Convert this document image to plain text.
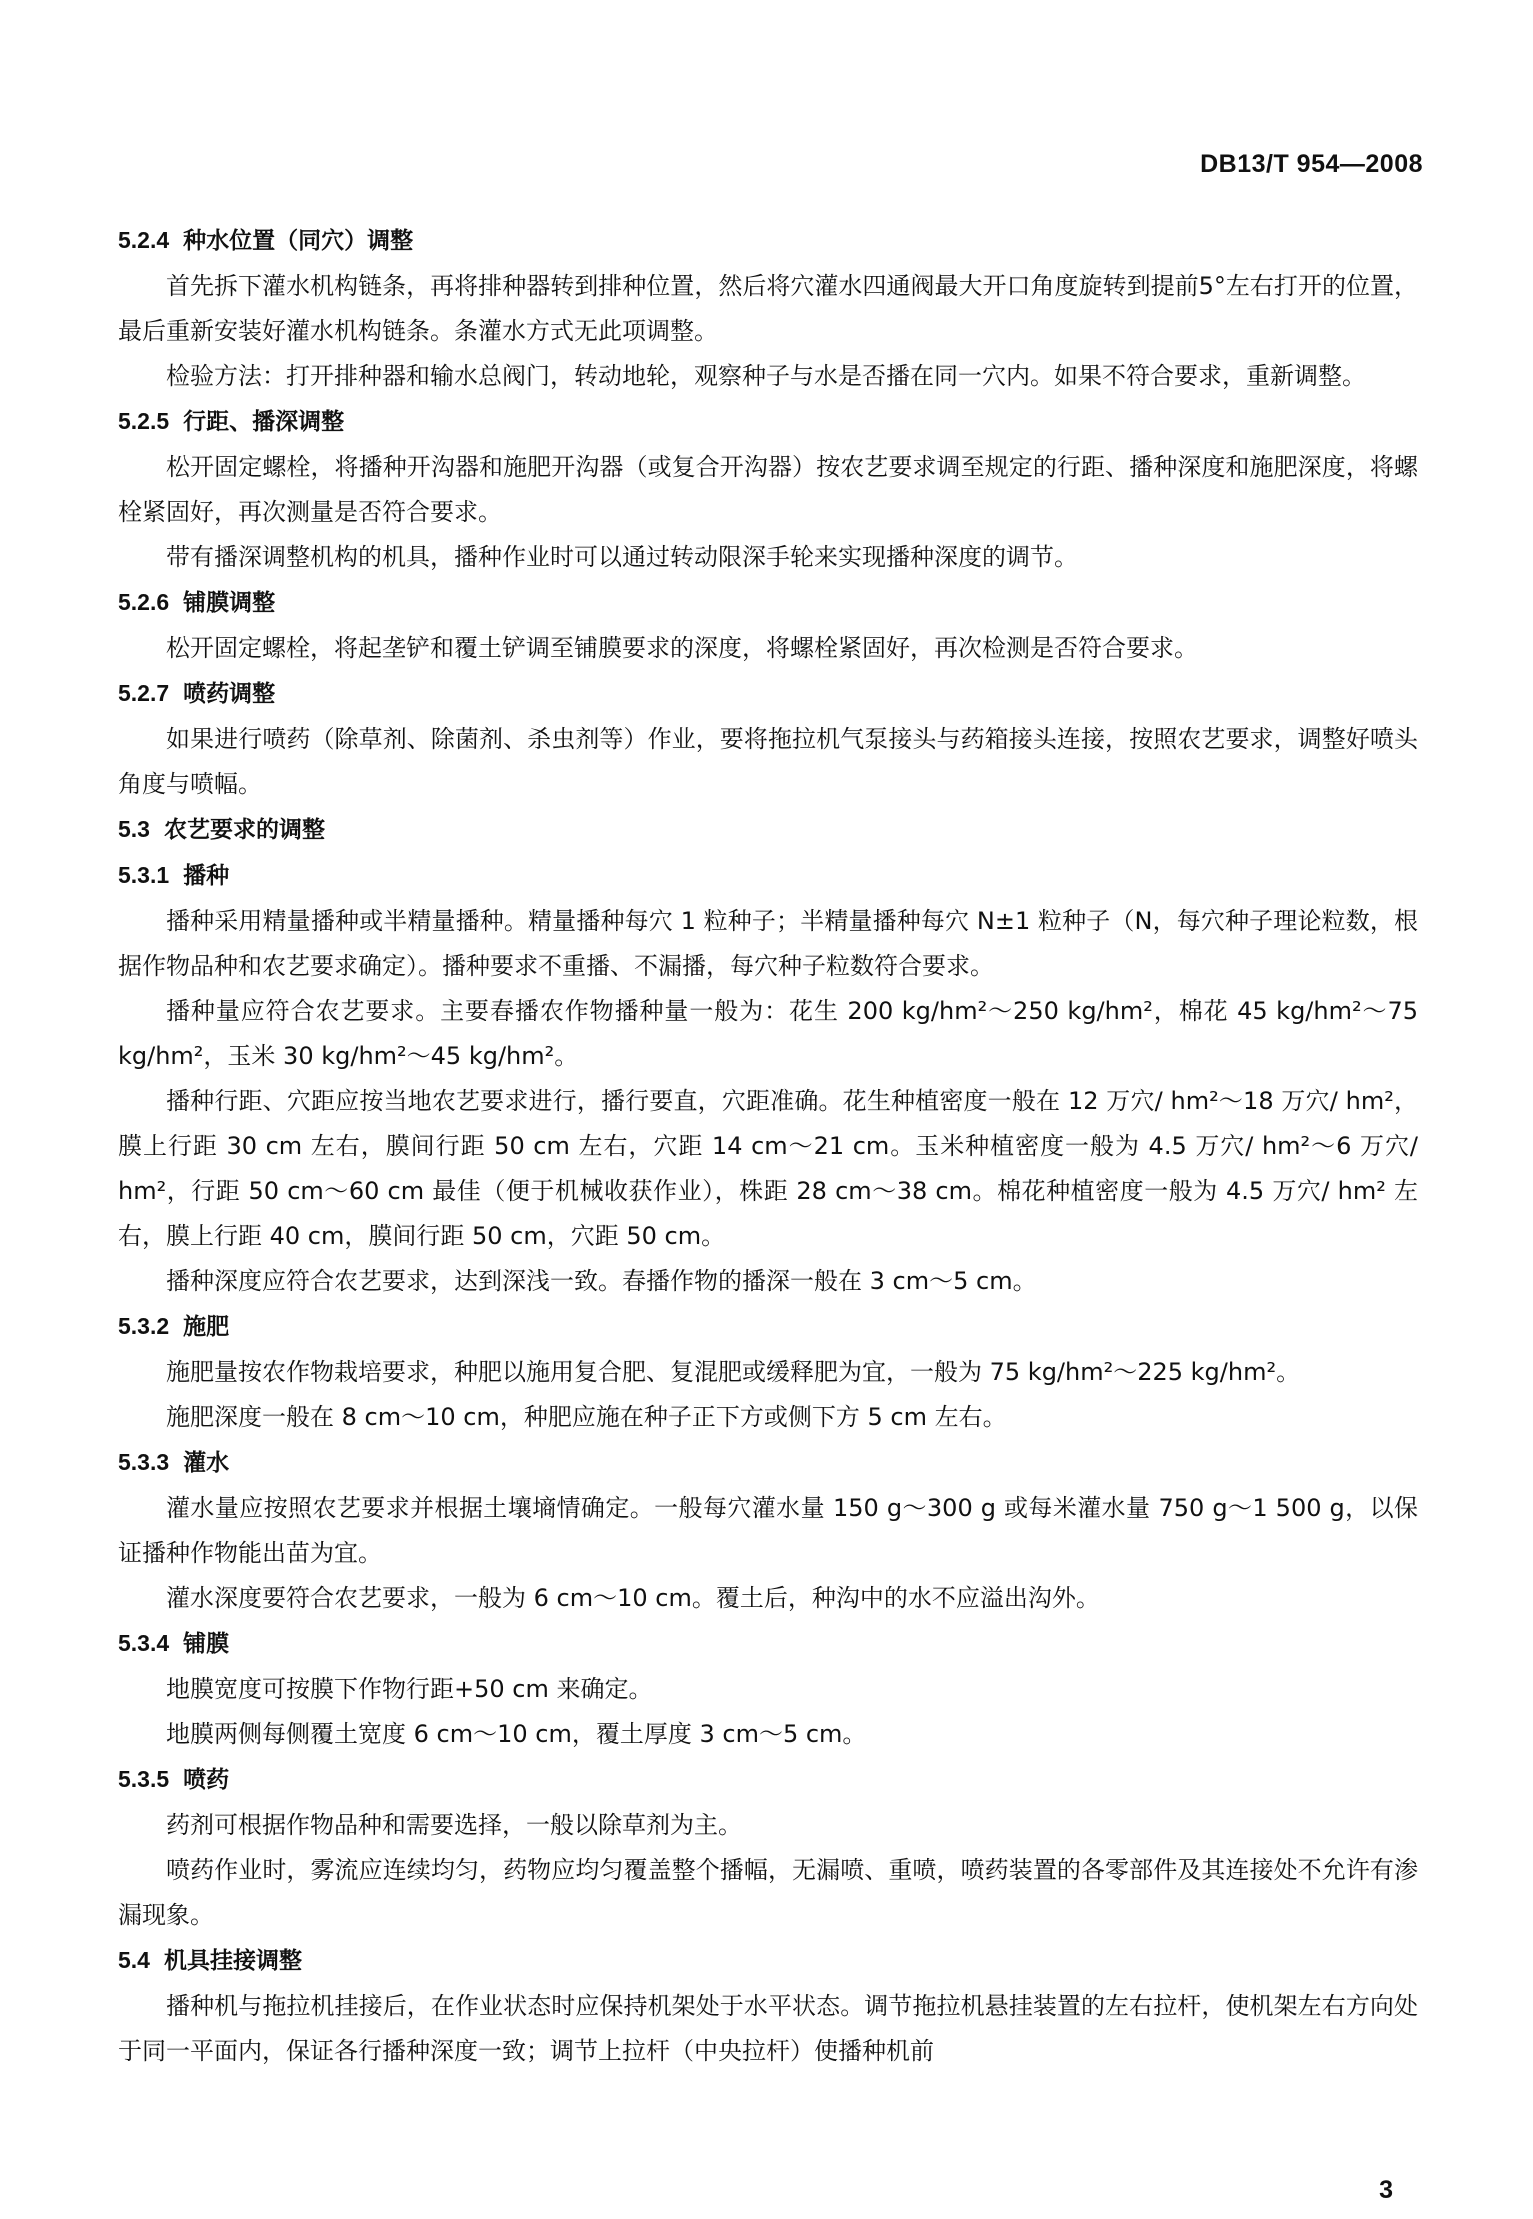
DB13/T 954—2008
5.2.4 种水位置（同穴）调整

首先拆下灌水机构链条，再将排种器转到排种位置，然后将穴灌水四通阀最大开口角度旋转到提前5°左右打开的位置，最后重新安装好灌水机构链条。条灌水方式无此项调整。

检验方法：打开排种器和输水总阀门，转动地轮，观察种子与水是否播在同一穴内。如果不符合要求，重新调整。

5.2.5 行距、播深调整

松开固定螺栓，将播种开沟器和施肥开沟器（或复合开沟器）按农艺要求调至规定的行距、播种深度和施肥深度，将螺栓紧固好，再次测量是否符合要求。

带有播深调整机构的机具，播种作业时可以通过转动限深手轮来实现播种深度的调节。

5.2.6 铺膜调整

松开固定螺栓，将起垄铲和覆土铲调至铺膜要求的深度，将螺栓紧固好，再次检测是否符合要求。

5.2.7 喷药调整

如果进行喷药（除草剂、除菌剂、杀虫剂等）作业，要将拖拉机气泵接头与药箱接头连接，按照农艺要求，调整好喷头角度与喷幅。

5.3 农艺要求的调整
5.3.1 播种

播种采用精量播种或半精量播种。精量播种每穴 1 粒种子；半精量播种每穴 N±1 粒种子（N，每穴种子理论粒数，根据作物品种和农艺要求确定）。播种要求不重播、不漏播，每穴种子粒数符合要求。

播种量应符合农艺要求。主要春播农作物播种量一般为：花生 200 kg/hm²～250 kg/hm²，棉花 45 kg/hm²～75 kg/hm²，玉米 30 kg/hm²～45 kg/hm²。

播种行距、穴距应按当地农艺要求进行，播行要直，穴距准确。花生种植密度一般在 12 万穴/ hm²～18 万穴/ hm²，膜上行距 30 cm 左右，膜间行距 50 cm 左右，穴距 14 cm～21 cm。玉米种植密度一般为 4.5 万穴/ hm²～6 万穴/ hm²，行距 50 cm～60 cm 最佳（便于机械收获作业），株距 28 cm～38 cm。棉花种植密度一般为 4.5 万穴/ hm² 左右，膜上行距 40 cm，膜间行距 50 cm，穴距 50 cm。

播种深度应符合农艺要求，达到深浅一致。春播作物的播深一般在 3 cm～5 cm。

5.3.2 施肥

施肥量按农作物栽培要求，种肥以施用复合肥、复混肥或缓释肥为宜，一般为 75 kg/hm²～225 kg/hm²。

施肥深度一般在 8 cm～10 cm，种肥应施在种子正下方或侧下方 5 cm 左右。

5.3.3 灌水

灌水量应按照农艺要求并根据土壤墒情确定。一般每穴灌水量 150 g～300 g 或每米灌水量 750 g～1 500 g，以保证播种作物能出苗为宜。

灌水深度要符合农艺要求，一般为 6 cm～10 cm。覆土后，种沟中的水不应溢出沟外。

5.3.4 铺膜

地膜宽度可按膜下作物行距+50 cm 来确定。

地膜两侧每侧覆土宽度 6 cm～10 cm，覆土厚度 3 cm～5 cm。

5.3.5 喷药

药剂可根据作物品种和需要选择，一般以除草剂为主。

喷药作业时，雾流应连续均匀，药物应均匀覆盖整个播幅，无漏喷、重喷，喷药装置的各零部件及其连接处不允许有渗漏现象。

5.4 机具挂接调整

播种机与拖拉机挂接后，在作业状态时应保持机架处于水平状态。调节拖拉机悬挂装置的左右拉杆，使机架左右方向处于同一平面内，保证各行播种深度一致；调节上拉杆（中央拉杆）使播种机前

3
